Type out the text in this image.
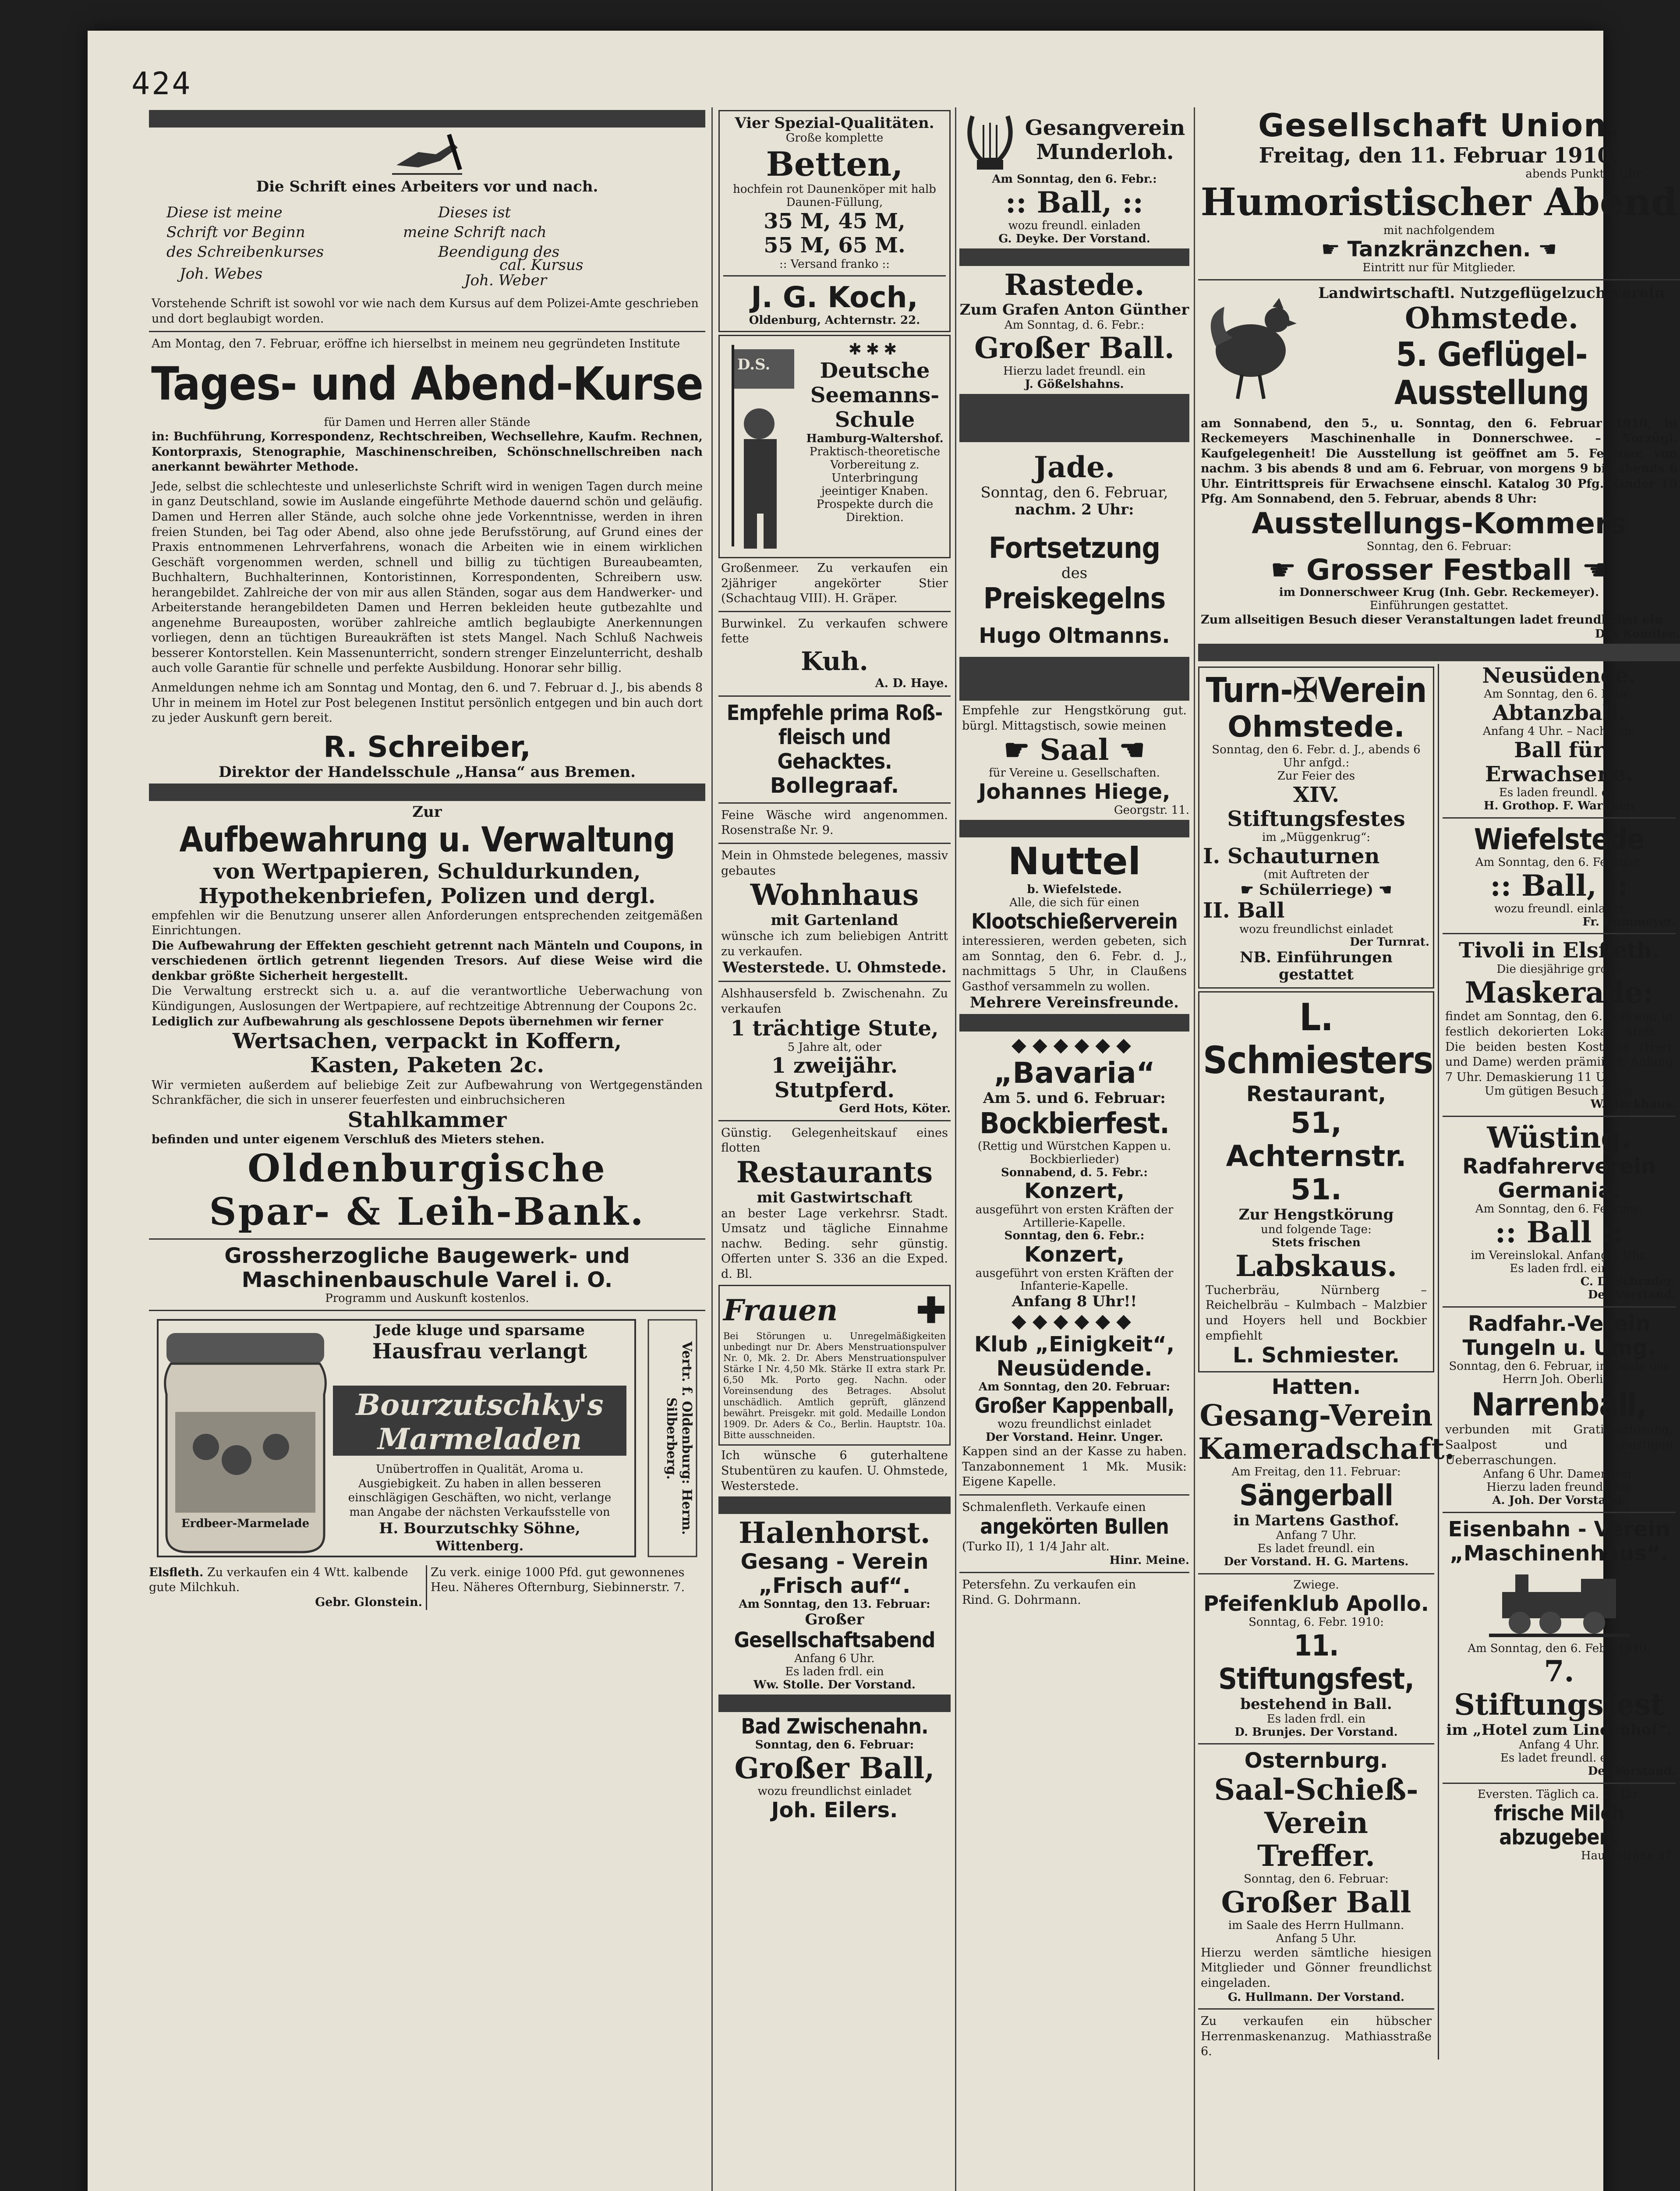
424
Die Schrift eines Arbeiters vor und nach.
Diese ist meine
Schrift vor Beginn
des Schreibenkurses
Joh. Webes
Dieses ist
meine Schrift nach
Beendigung des
cal. Kursus
Joh. Weber
Vorstehende Schrift ist sowohl vor wie nach dem Kursus auf dem Polizei-Amte geschrieben und dort beglaubigt worden.
Am Montag, den 7. Februar, eröffne ich hierselbst in meinem neu gegründeten Institute
Tages- und Abend-Kurse
für Damen und Herren aller Stände
in: Buchführung, Korrespondenz, Rechtschreiben, Wechsellehre, Kaufm. Rechnen, Kontorpraxis, Stenographie, Maschinenschreiben, Schönschnellschreiben nach anerkannt bewährter Methode.
Jede, selbst die schlechteste und unleserlichste Schrift wird in wenigen Tagen durch meine in ganz Deutschland, sowie im Auslande eingeführte Methode dauernd schön und geläufig. Damen und Herren aller Stände, auch solche ohne jede Vorkenntnisse, werden in ihren freien Stunden, bei Tag oder Abend, also ohne jede Berufsstörung, auf Grund eines der Praxis entnommenen Lehrverfahrens, wonach die Arbeiten wie in einem wirklichen Geschäft vorgenommen werden, schnell und billig zu tüchtigen Bureaubeamten, Buchhaltern, Buchhalterinnen, Kontoristinnen, Korrespondenten, Schreibern usw. herangebildet. Zahlreiche der von mir aus allen Ständen, sogar aus dem Handwerker- und Arbeiterstande herangebildeten Damen und Herren bekleiden heute gutbezahlte und angenehme Bureauposten, worüber zahlreiche amtlich beglaubigte Anerkennungen vorliegen, denn an tüchtigen Bureaukräften ist stets Mangel. Nach Schluß Nachweis besserer Kontorstellen. Kein Massenunterricht, sondern strenger Einzelunterricht, deshalb auch volle Garantie für schnelle und perfekte Ausbildung. Honorar sehr billig.
Anmeldungen nehme ich am Sonntag und Montag, den 6. und 7. Februar d. J., bis abends 8 Uhr in meinem im Hotel zur Post belegenen Institut persönlich entgegen und bin auch dort zu jeder Auskunft gern bereit.
R. Schreiber,
Direktor der Handelsschule „Hansa“ aus Bremen.
Zur
Aufbewahrung u. Verwaltung
von Wertpapieren, Schuldurkunden,
Hypothekenbriefen, Polizen und dergl.
empfehlen wir die Benutzung unserer allen Anforderungen entsprechenden zeitgemäßen Einrichtungen.
Die Aufbewahrung der Effekten geschieht getrennt nach Mänteln und Coupons, in verschiedenen örtlich getrennt liegenden Tresors. Auf diese Weise wird die denkbar größte Sicherheit hergestellt.
Die Verwaltung erstreckt sich u. a. auf die verantwortliche Ueberwachung von Kündigungen, Auslosungen der Wertpapiere, auf rechtzeitige Abtrennung der Coupons 2c.
Lediglich zur Aufbewahrung als geschlossene Depots übernehmen wir ferner
Wertsachen, verpackt in Koffern,
Kasten, Paketen 2c.
Wir vermieten außerdem auf beliebige Zeit zur Aufbewahrung von Wertgegenständen Schrankfächer, die sich in unserer feuerfesten und einbruchsicheren
Stahlkammer
befinden und unter eigenem Verschluß des Mieters stehen.
Oldenburgische
Spar- & Leih-Bank.
Grossherzogliche Baugewerk- und
Maschinenbauschule Varel i. O.
Programm und Auskunft kostenlos.
Jede kluge und sparsame
Hausfrau verlangt
Bourzutschky's
Marmeladen
Erdbeer-Marmelade
Unübertroffen in Qualität, Aroma u. Ausgiebigkeit. Zu haben in allen besseren einschlägigen Geschäften, wo nicht, verlange man Angabe der nächsten Verkaufsstelle von
H. Bourzutschky Söhne,
Wittenberg.
Vertr. f. Oldenburg: Herm. Silberberg.
Elsfleth. Zu verkaufen ein 4 Wtt. kalbende gute Milchkuh.
Gebr. Glonstein.
Zu verk. einige 1000 Pfd. gut gewonnenes Heu. Näheres Ofternburg, Siebinnerstr. 7.
Vier Spezial-Qualitäten.
Große komplette
Betten,
hochfein rot Daunenköper mit halb Daunen-Füllung,
35 M, 45 M,
55 M, 65 M.
:: Versand franko ::
J. G. Koch,
Oldenburg, Achternstr. 22.
D.S.
✱✱✱
Deutsche
Seemanns-
Schule
Hamburg-Waltershof.
Praktisch-theoretische Vorbereitung z. Unterbringung jeeintiger Knaben.
Prospekte durch die Direktion.
Großenmeer. Zu verkaufen ein 2jähriger angekörter Stier (Schachtaug VIII). H. Gräper.
Burwinkel. Zu verkaufen schwere fette
Kuh.
A. D. Haye.
Empfehle prima Roß-
fleisch und Gehacktes.
Bollegraaf.
Feine Wäsche wird angenommen. Rosenstraße Nr. 9.
Mein in Ohmstede belegenes, massiv gebautes
Wohnhaus
mit Gartenland
wünsche ich zum beliebigen Antritt zu verkaufen.
Westerstede. U. Ohmstede.
Alshhausersfeld b. Zwischenahn. Zu verkaufen
1 trächtige Stute,
5 Jahre alt, oder
1 zweijähr. Stutpferd.
Gerd Hots, Köter.
Günstig. Gelegenheitskauf eines flotten
Restaurants
mit Gastwirtschaft
an bester Lage verkehrsr. Stadt. Umsatz und tägliche Einnahme nachw. Beding. sehr günstig. Offerten unter S. 336 an die Exped. d. Bl.
Frauen ✚
Bei Störungen u. Unregelmäßigkeiten unbedingt nur Dr. Abers Menstruationspulver Nr. 0, Mk. 2. Dr. Abers Menstruationspulver Stärke I Nr. 4,50 Mk. Stärke II extra stark Pr. 6,50 Mk. Porto geg. Nachn. oder Voreinsendung des Betrages. Absolut unschädlich. Amtlich geprüft, glänzend bewährt. Preisgekr. mit gold. Medaille London 1909. Dr. Aders & Co., Berlin. Hauptstr. 10a. Bitte ausschneiden.
Ich wünsche 6 guterhaltene Stubentüren zu kaufen. U. Ohmstede, Westerstede.
Halenhorst.
Gesang - Verein
„Frisch auf“.
Am Sonntag, den 13. Februar:
Großer
Gesellschaftsabend
Anfang 6 Uhr.
Es laden frdl. ein
Ww. Stolle. Der Vorstand.
Bad Zwischenahn.
Sonntag, den 6. Februar:
Großer Ball,
wozu freundlichst einladet
Joh. Eilers.
Gesangverein
Munderloh.
Am Sonntag, den 6. Febr.:
:: Ball, ::
wozu freundl. einladen
G. Deyke. Der Vorstand.
Rastede.
Zum Grafen Anton Günther
Am Sonntag, d. 6. Febr.:
Großer Ball.
Hierzu ladet freundl. ein
J. Gößelshahns.
Jade.
Sonntag, den 6. Februar,
nachm. 2 Uhr:
Fortsetzung
des
Preiskegelns
Hugo Oltmanns.
Empfehle zur Hengstkörung gut. bürgl. Mittagstisch, sowie meinen
☛ Saal ☚
für Vereine u. Gesellschaften.
Johannes Hiege,
Georgstr. 11.
Nuttel
b. Wiefelstede.
Alle, die sich für einen
Klootschießerverein
interessieren, werden gebeten, sich am Sonntag, den 6. Febr. d. J., nachmittags 5 Uhr, in Claußens Gasthof versammeln zu wollen.
Mehrere Vereinsfreunde.
◆◆◆◆◆◆
„Bavaria“
Am 5. und 6. Februar:
Bockbierfest.
(Rettig und Würstchen Kappen u. Bockbierlieder)
Sonnabend, d. 5. Febr.:
Konzert,
ausgeführt von ersten Kräften der Artillerie-Kapelle.
Sonntag, den 6. Febr.:
Konzert,
ausgeführt von ersten Kräften der Infanterie-Kapelle.
Anfang 8 Uhr!!
◆◆◆◆◆◆
Klub „Einigkeit“,
Neusüdende.
Am Sonntag, den 20. Februar:
Großer Kappenball,
wozu freundlichst einladet
Der Vorstand. Heinr. Unger.
Kappen sind an der Kasse zu haben. Tanzabonnement 1 Mk. Musik: Eigene Kapelle.
Schmalenfleth. Verkaufe einen
angekörten Bullen
(Turko II), 1 1/4 Jahr alt.
Hinr. Meine.
Petersfehn. Zu verkaufen ein
Rind. G. Dohrmann.
Gesellschaft Union.
Freitag, den 11. Februar 1910,
abends Punkt 9 Uhr:
Humoristischer Abend
mit nachfolgendem
☛ Tanzkränzchen. ☚
Eintritt nur für Mitglieder.
Landwirtschaftl. Nutzgeflügelzuchtverein
Ohmstede.
5. Geflügel-Ausstellung
am Sonnabend, den 5., u. Sonntag, den 6. Februar 1910, in Reckemeyers Maschinenhalle in Donnerschwee. – Vorzügl. Kaufgelegenheit! Die Ausstellung ist geöffnet am 5. Februar, von nachm. 3 bis abends 8 und am 6. Februar, von morgens 9 bis abends 6 Uhr. Eintrittspreis für Erwachsene einschl. Katalog 30 Pfg. Kinder 10 Pfg. Am Sonnabend, den 5. Februar, abends 8 Uhr:
Ausstellungs-Kommers
Sonntag, den 6. Februar:
☛ Grosser Festball ☚
im Donnerschweer Krug (Inh. Gebr. Reckemeyer).
Einführungen gestattet.
Zum allseitigen Besuch dieser Veranstaltungen ladet freundlichst ein
Das Komitee.
Turn-✠Verein
Ohmstede.
Sonntag, den 6. Febr. d. J., abends 6 Uhr anfgd.:
Zur Feier des
XIV. Stiftungsfestes
im „Müggenkrug“:
I. Schauturnen
(mit Auftreten der
☛ Schülerriege) ☚
II. Ball
wozu freundlichst einladet
Der Turnrat.
NB. Einführungen gestattet
L. Schmiesters
Restaurant,
51, Achternstr. 51.
Zur Hengstkörung
und folgende Tage:
Stets frischen
Labskaus.
Tucherbräu, Nürnberg – Reichelbräu – Kulmbach – Malzbier und Hoyers hell und Bockbier empfiehlt
L. Schmiester.
Hatten.
Gesang-Verein
Kameradschaft.
Am Freitag, den 11. Februar:
Sängerball
in Martens Gasthof.
Anfang 7 Uhr.
Es ladet freundl. ein
Der Vorstand. H. G. Martens.
Zwiege.
Pfeifenklub Apollo.
Sonntag, 6. Febr. 1910:
11. Stiftungsfest,
bestehend in Ball.
Es laden frdl. ein
D. Brunjes. Der Vorstand.
Osternburg.
Saal-Schieß-Verein
Treffer.
Sonntag, den 6. Februar:
Großer Ball
im Saale des Herrn Hullmann.
Anfang 5 Uhr.
Hierzu werden sämtliche hiesigen Mitglieder und Gönner freundlichst eingeladen.
G. Hullmann. Der Vorstand.
Zu verkaufen ein hübscher Herrenmaskenanzug. Mathiasstraße 6.
Neusüdende.
Am Sonntag, den 6. Febr.:
Abtanzball.
Anfang 4 Uhr. – Nachdem:
Ball für Erwachsene.
Es laden freundl. ein
H. Grothop. F. Warnken
Wiefelstede
Am Sonntag, den 6. Februar:
:: Ball, ::
wozu freundl. einladet
Fr. Dummeyer.
Tivoli in Elsfleth.
Die diesjährige große
Maskerade:
findet am Sonntag, den 6. Februar, in festlich dekorierten Lokale statt. – Die beiden besten Kostüme (Herr und Dame) werden prämiiert. Anfang 7 Uhr. Demaskierung 11 Uhr.
Um gütigen Besuch bittet
W. Backhaus.
Wüsting.
Radfahrerverein
Germania.
Am Sonntag, den 6. Februar:
:: Ball ::
im Vereinslokal. Anfang 6 Uhr.
Es laden frdl. ein
C. D. Schrader.
Der Vorstand.
Radfahr.-Verein
Tungeln u. Umg.
Sonntag, den 6. Februar, im Saale des Herrn Joh. Oberlies
Narrenball,
verbunden mit Gratisverlosung, Saalpost und sonstigen Ueberraschungen.
Anfang 6 Uhr. Damen frei.
Hierzu laden freundl. ein
A. Joh. Der Vorstand.
Eisenbahn - Verein
„Maschinenhaus“.
Am Sonntag, den 6. Febr. 1910:
7. Stiftungsfest
im „Hotel zum Lindenhof“.
Anfang 4 Uhr.
Es ladet freundl. ein
Der Vorstand.
Eversten. Täglich ca. 20 Ltr.
frische Milch abzugeben.
Hauptstraße 37.
